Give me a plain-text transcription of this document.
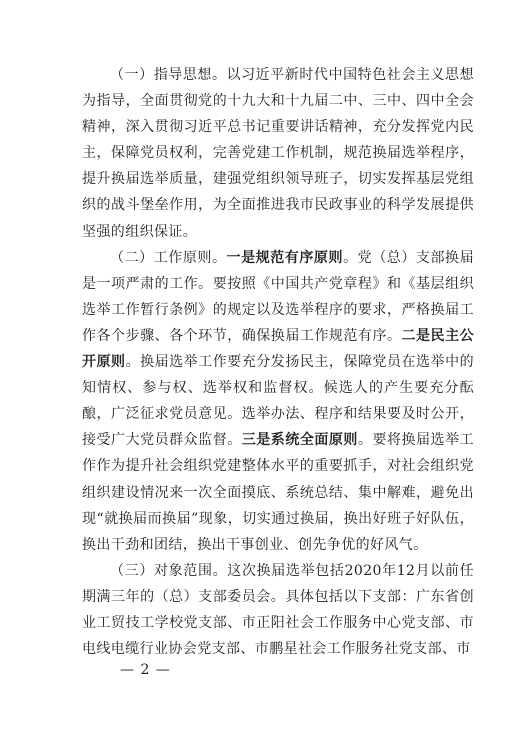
（一）指导思想。以习近平新时代中国特色社会主义思想为指导，全面贯彻党的十九大和十九届二中、三中、四中全会精神，深入贯彻习近平总书记重要讲话精神，充分发挥党内民主，保障党员权利，完善党建工作机制，规范换届选举程序，提升换届选举质量，建强党组织领导班子，切实发挥基层党组织的战斗堡垒作用，为全面推进我市民政事业的科学发展提供坚强的组织保证。

（二）工作原则。一是规范有序原则。党（总）支部换届是一项严肃的工作。要按照《中国共产党章程》和《基层组织选举工作暂行条例》的规定以及选举程序的要求，严格换届工作各个步骤、各个环节，确保换届工作规范有序。二是民主公开原则。换届选举工作要充分发扬民主，保障党员在选举中的知情权、参与权、选举权和监督权。候选人的产生要充分酝酿，广泛征求党员意见。选举办法、程序和结果要及时公开，接受广大党员群众监督。三是系统全面原则。要将换届选举工作作为提升社会组织党建整体水平的重要抓手，对社会组织党组织建设情况来一次全面摸底、系统总结、集中解难，避免出现“就换届而换届”现象，切实通过换届，换出好班子好队伍，换出干劲和团结，换出干事创业、创先争优的好风气。

（三）对象范围。这次换届选举包括2020年12月以前任期满三年的（总）支部委员会。具体包括以下支部：广东省创业工贸技工学校党支部、市正阳社会工作服务中心党支部、市电线电缆行业协会党支部、市鹏星社会工作服务社党支部、市

— 2 —
